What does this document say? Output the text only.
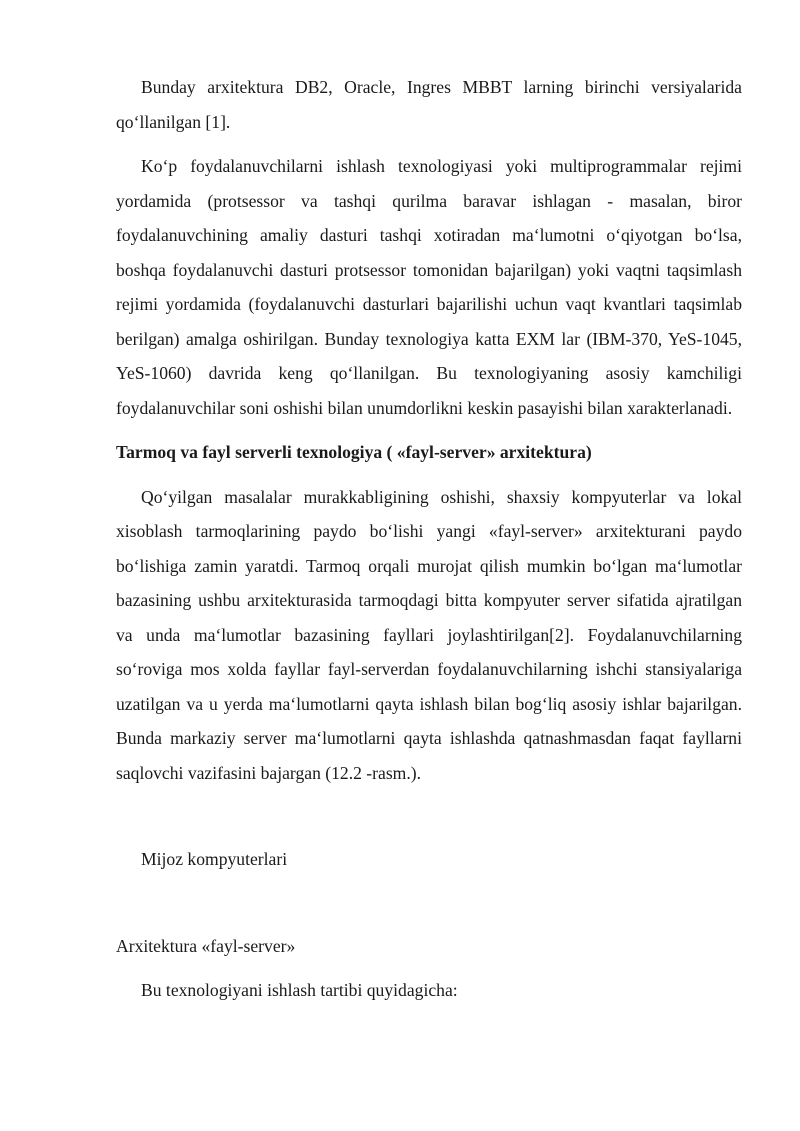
Bunday arxitektura DB2, Oracle, Ingres MBBT larning birinchi versiyalarida qo‘llanilgan [1].

Ko‘p foydalanuvchilarni ishlash texnologiyasi yoki multiprogrammalar rejimi yordamida (protsessor va tashqi qurilma baravar ishlagan - masalan, biror foydalanuvchining amaliy dasturi tashqi xotiradan ma‘lumotni o‘qiyotgan bo‘lsa, boshqa foydalanuvchi dasturi protsessor tomonidan bajarilgan) yoki vaqtni taqsimlash rejimi yordamida (foydalanuvchi dasturlari bajarilishi uchun vaqt kvantlari taqsimlab berilgan) amalga oshirilgan. Bunday texnologiya katta EXM lar (IBM-370, YeS-1045, YeS-1060) davrida keng qo‘llanilgan. Bu texnologiyaning asosiy kamchiligi foydalanuvchilar soni oshishi bilan unumdorlikni keskin pasayishi bilan xarakterlanadi.

Tarmoq va fayl serverli texnologiya ( «fayl-server» arxitektura)

Qo‘yilgan masalalar murakkabligining oshishi, shaxsiy kompyuterlar va lokal xisoblash tarmoqlarining paydo bo‘lishi yangi «fayl-server» arxitekturani paydo bo‘lishiga zamin yaratdi. Tarmoq orqali murojat qilish mumkin bo‘lgan ma‘lumotlar bazasining ushbu arxitekturasida tarmoqdagi bitta kompyuter server sifatida ajratilgan va unda ma‘lumotlar bazasining fayllari joylashtirilgan[2]. Foydalanuvchilarning so‘roviga mos xolda fayllar fayl-serverdan foydalanuvchilarning ishchi stansiyalariga uzatilgan va u yerda ma‘lumotlarni qayta ishlash bilan bog‘liq asosiy ishlar bajarilgan. Bunda markaziy server ma‘lumotlarni qayta ishlashda qatnashmasdan faqat fayllarni saqlovchi vazifasini bajargan (12.2 -rasm.).

Mijoz kompyuterlari

Arxitektura «fayl-server»

Bu texnologiyani ishlash tartibi quyidagicha:
